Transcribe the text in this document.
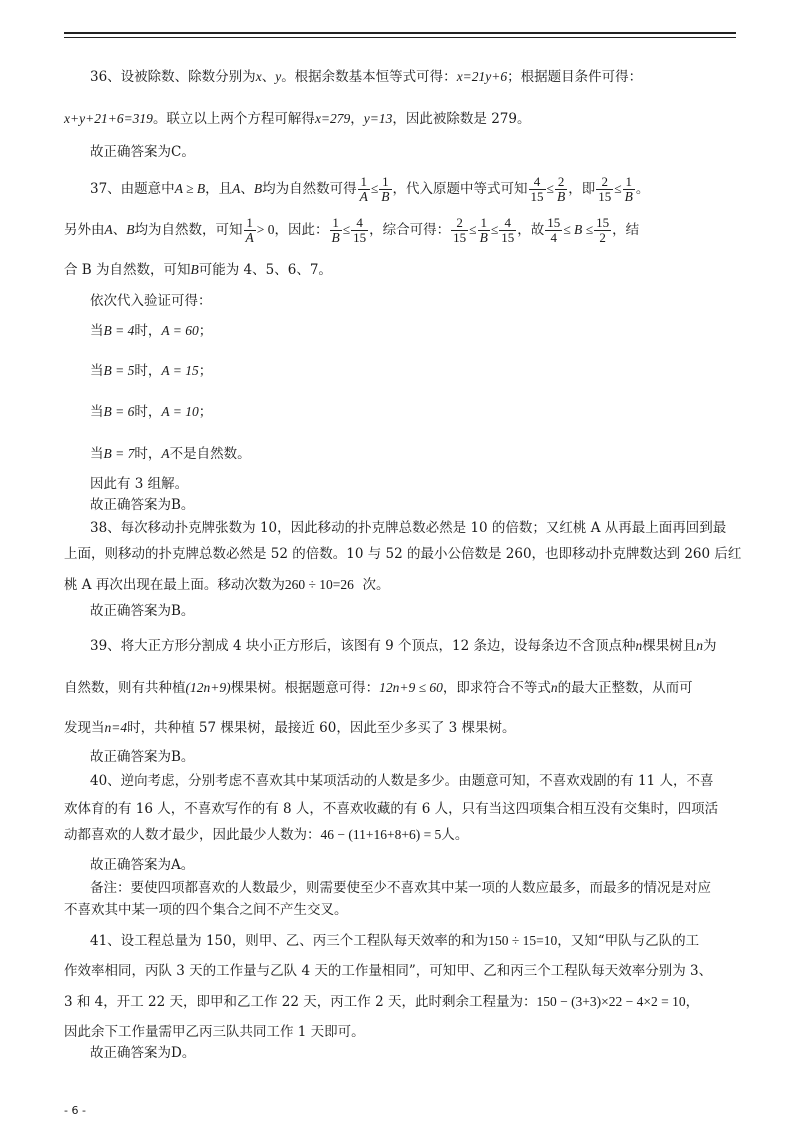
36、设被除数、除数分别为x、y。根据余数基本恒等式可得：x=21y+6；根据题目条件可得：
x+y+21+6=319。联立以上两个方程可解得x=279，y=13，因此被除数是 279。
故正确答案为C。
37、由题意中A ≥ B，且A、B均为自然数可得 $\frac{1}{A} \le \frac{1}{B}$ ，代入原题中等式可知 $\frac{4}{15} \le \frac{2}{B}$ ，即 $\frac{2}{15} \le \frac{1}{B}$ 。
另外由A、B均为自然数，可知 $\frac{1}{A} > 0$，因此： $\frac{1}{B} \le \frac{4}{15}$ ，综合可得： $\frac{2}{15} \le \frac{1}{B} \le \frac{4}{15}$ ，故 $\frac{15}{4} \le B \le \frac{15}{2}$ ，结
合 B 为自然数，可知B可能为 4、5、6、7。
依次代入验证可得：
当B = 4时，A = 60；
当B = 5时，A = 15；
当B = 6时，A = 10；
当B = 7时，A不是自然数。
因此有 3 组解。
故正确答案为B。
38、每次移动扑克牌张数为 10，因此移动的扑克牌总数必然是 10 的倍数；又红桃 A 从再最上面再回到最
上面，则移动的扑克牌总数必然是 52 的倍数。10 与 52 的最小公倍数是 260，也即移动扑克牌数达到 260 后红
桃 A 再次出现在最上面。移动次数为260 ÷ 10=26 次。
故正确答案为B。
39、将大正方形分割成 4 块小正方形后，该图有 9 个顶点，12 条边，设每条边不含顶点种n棵果树且n为
自然数，则有共种植(12n+9)棵果树。根据题意可得：12n+9 ≤ 60，即求符合不等式n的最大正整数，从而可
发现当n=4时，共种植 57 棵果树，最接近 60，因此至少多买了 3 棵果树。
故正确答案为B。
40、逆向考虑，分别考虑不喜欢其中某项活动的人数是多少。由题意可知，不喜欢戏剧的有 11 人，不喜
欢体育的有 16 人，不喜欢写作的有 8 人，不喜欢收藏的有 6 人，只有当这四项集合相互没有交集时，四项活
动都喜欢的人数才最少，因此最少人数为：46 − (11+16+8+6) = 5人。
故正确答案为A。
备注：要使四项都喜欢的人数最少，则需要使至少不喜欢其中某一项的人数应最多，而最多的情况是对应
不喜欢其中某一项的四个集合之间不产生交叉。
41、设工程总量为 150，则甲、乙、丙三个工程队每天效率的和为150 ÷ 15=10，又知“甲队与乙队的工
作效率相同，丙队 3 天的工作量与乙队 4 天的工作量相同”，可知甲、乙和丙三个工程队每天效率分别为 3、
3 和 4，开工 22 天，即甲和乙工作 22 天，丙工作 2 天，此时剩余工程量为：150 − (3+3)×22 − 4×2 = 10，
因此余下工作量需甲乙丙三队共同工作 1 天即可。
故正确答案为D。
- 6 -
